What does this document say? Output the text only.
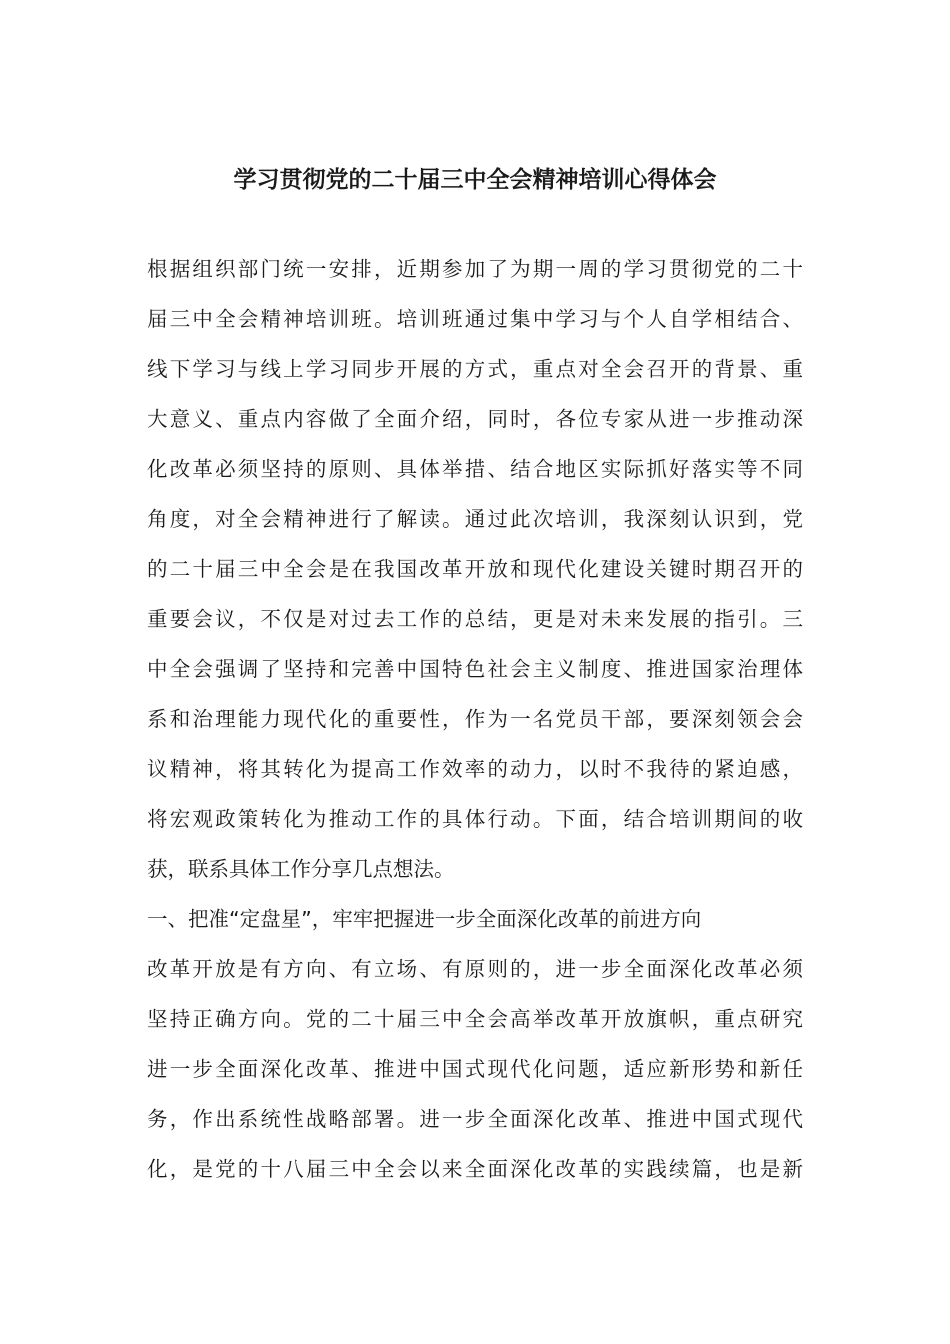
学习贯彻党的二十届三中全会精神培训心得体会
根据组织部门统一安排，近期参加了为期一周的学习贯彻党的二十
届三中全会精神培训班。培训班通过集中学习与个人自学相结合、
线下学习与线上学习同步开展的方式，重点对全会召开的背景、重
大意义、重点内容做了全面介绍，同时，各位专家从进一步推动深
化改革必须坚持的原则、具体举措、结合地区实际抓好落实等不同
角度，对全会精神进行了解读。通过此次培训，我深刻认识到，党
的二十届三中全会是在我国改革开放和现代化建设关键时期召开的
重要会议，不仅是对过去工作的总结，更是对未来发展的指引。三
中全会强调了坚持和完善中国特色社会主义制度、推进国家治理体
系和治理能力现代化的重要性，作为一名党员干部，要深刻领会会
议精神，将其转化为提高工作效率的动力，以时不我待的紧迫感，
将宏观政策转化为推动工作的具体行动。下面，结合培训期间的收
获，联系具体工作分享几点想法。
一、把准“定盘星”，牢牢把握进一步全面深化改革的前进方向
改革开放是有方向、有立场、有原则的，进一步全面深化改革必须
坚持正确方向。党的二十届三中全会高举改革开放旗帜，重点研究
进一步全面深化改革、推进中国式现代化问题，适应新形势和新任
务，作出系统性战略部署。进一步全面深化改革、推进中国式现代
化，是党的十八届三中全会以来全面深化改革的实践续篇，也是新
